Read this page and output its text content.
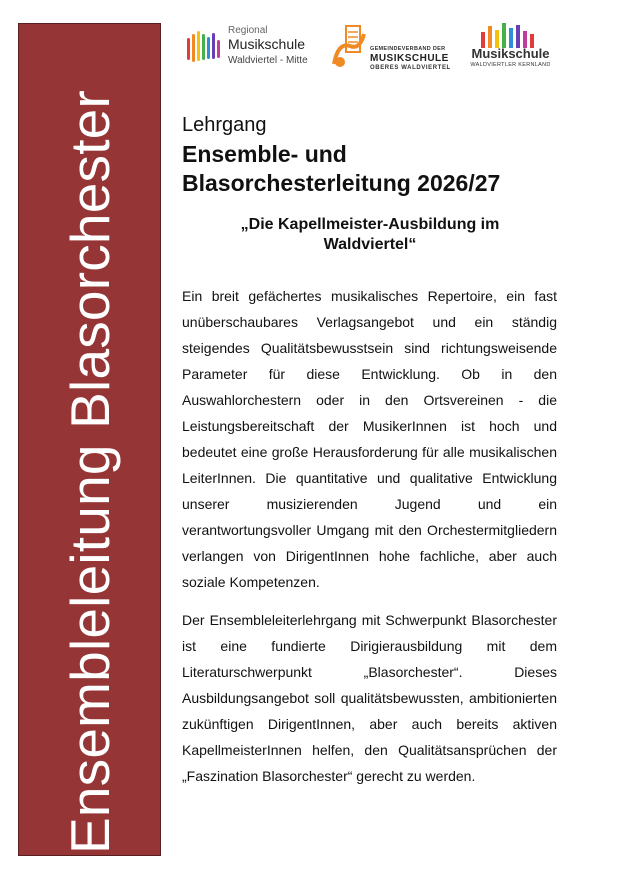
Ensembleleitung Blasorchester
Regional
Musikschule
Waldviertel - Mitte
GEMEINDEVERBAND DER
MUSIKSCHULE
OBERES WALDVIERTEL
Musikschule
WALDVIERTLER KERNLAND
Lehrgang
Ensemble- und
Blasorchesterleitung 2026/27
„Die Kapellmeister-Ausbildung im
Waldviertel“

Ein breit gefächertes musikalisches Repertoire, ein fast unüberschaubares Verlagsangebot und ein ständig steigendes Qualitätsbewusstsein sind richtungsweisende Parameter für diese Entwicklung. Ob in den Auswahlorchestern oder in den Ortsvereinen - die Leistungsbereitschaft der MusikerInnen ist hoch und bedeutet eine große Herausforderung für alle musikalischen LeiterInnen. Die quantitative und qualitative Entwicklung unserer musizierenden Jugend und ein verantwortungsvoller Umgang mit den Orchestermitgliedern verlangen von DirigentInnen hohe fachliche, aber auch soziale Kompetenzen.

Der Ensembleleiterlehrgang mit Schwerpunkt Blasorchester ist eine fundierte Dirigierausbildung mit dem Literaturschwerpunkt „Blasorchester“. Dieses Ausbildungsangebot soll qualitätsbewussten, ambitionierten zukünftigen DirigentInnen, aber auch bereits aktiven KapellmeisterInnen helfen, den Qualitätsansprüchen der „Faszination Blasorchester“ gerecht zu werden.
